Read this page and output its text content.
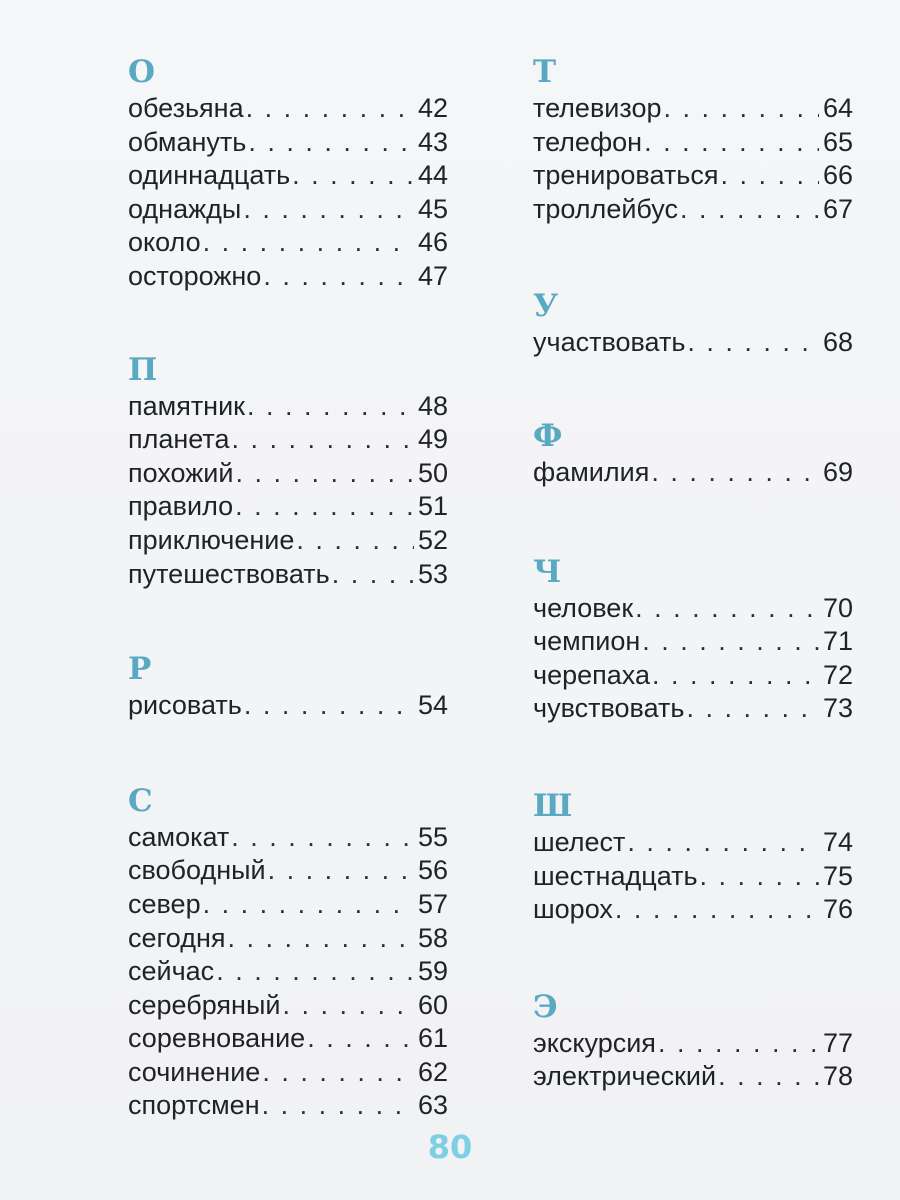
О
обезьяна . . .	42
обмануть . . .	43
одиннадцать . . .	44
однажды . . .	45
около . . .	46
осторожно . . .	47
П
памятник . . .	48
планета . . .	49
похожий . . .	50
правило . . .	51
приключение . . .	52
путешествовать . . .	53
Р
рисовать . . .	54
С
самокат . . .	55
свободный . . .	56
север . . .	57
сегодня . . .	58
сейчас . . .	59
серебряный . . .	60
соревнование . . .	61
сочинение . . .	62
спортсмен . . .	63
Т
телевизор . . .	64
телефон . . .	65
тренироваться . . .	66
троллейбус . . .	67
У
участвовать . . .	68
Ф
фамилия . . .	69
Ч
человек . . .	70
чемпион . . .	71
черепаха . . .	72
чувствовать . . .	73
Ш
шелест . . .	74
шестнадцать . . .	75
шорох . . .	76
Э
экскурсия . . .	77
электрический . . .	78
80
